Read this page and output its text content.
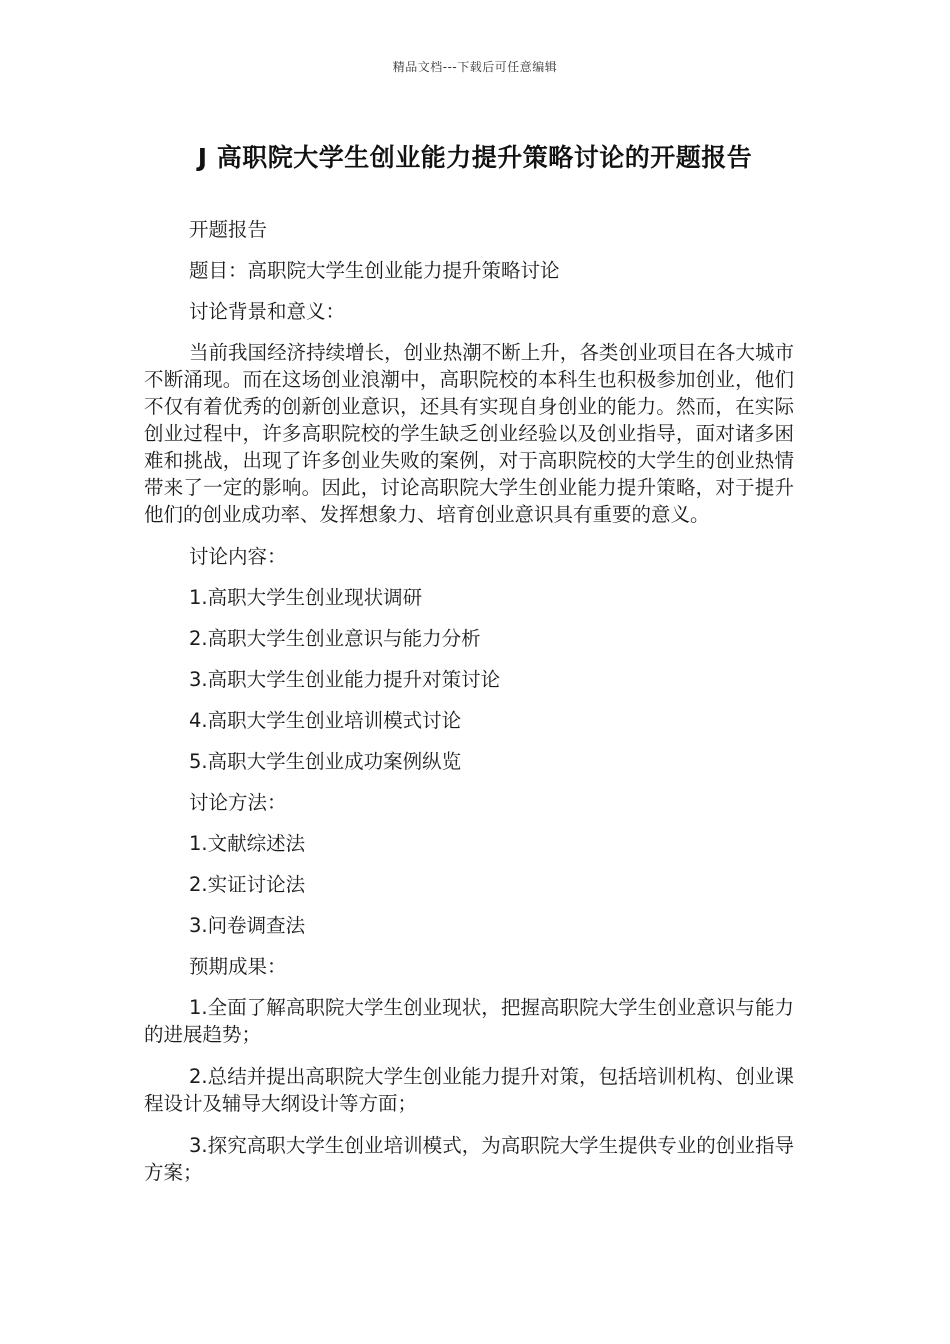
精品文档---下载后可任意编辑
J 高职院大学生创业能力提升策略讨论的开题报告

开题报告

题目：高职院大学生创业能力提升策略讨论

讨论背景和意义：

当前我国经济持续增长，创业热潮不断上升，各类创业项目在各大城市不断涌现。而在这场创业浪潮中，高职院校的本科生也积极参加创业，他们不仅有着优秀的创新创业意识，还具有实现自身创业的能力。然而，在实际创业过程中，许多高职院校的学生缺乏创业经验以及创业指导，面对诸多困难和挑战，出现了许多创业失败的案例，对于高职院校的大学生的创业热情带来了一定的影响。因此，讨论高职院大学生创业能力提升策略，对于提升他们的创业成功率、发挥想象力、培育创业意识具有重要的意义。

讨论内容：

1.高职大学生创业现状调研

2.高职大学生创业意识与能力分析

3.高职大学生创业能力提升对策讨论

4.高职大学生创业培训模式讨论

5.高职大学生创业成功案例纵览

讨论方法：

1.文献综述法

2.实证讨论法

3.问卷调查法

预期成果：

1.全面了解高职院大学生创业现状，把握高职院大学生创业意识与能力的进展趋势；

2.总结并提出高职院大学生创业能力提升对策，包括培训机构、创业课程设计及辅导大纲设计等方面；

3.探究高职大学生创业培训模式，为高职院大学生提供专业的创业指导方案；
